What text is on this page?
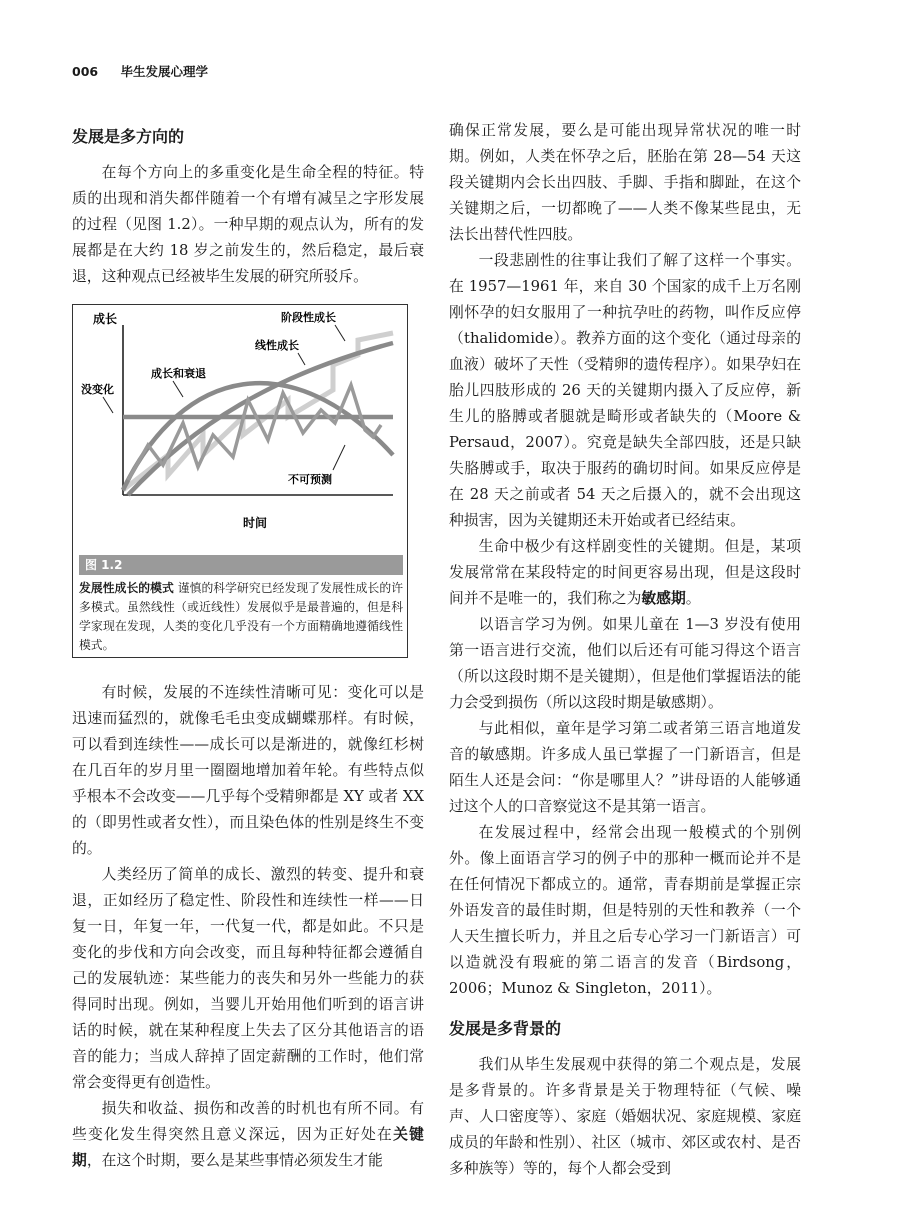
006 毕生发展心理学

发展是多方向的

在每个方向上的多重变化是生命全程的特征。特质的出现和消失都伴随着一个有增有减呈之字形发展的过程（见图 1.2）。一种早期的观点认为，所有的发展都是在大约 18 岁之前发生的，然后稳定，最后衰退，这种观点已经被毕生发展的研究所驳斥。

成长
时间
阶段性成长
线性成长
成长和衰退
没变化
不可预测
图 1.2
发展性成长的模式 谨慎的科学研究已经发现了发展性成长的许多模式。虽然线性（或近线性）发展似乎是最普遍的，但是科学家现在发现，人类的变化几乎没有一个方面精确地遵循线性模式。

有时候，发展的不连续性清晰可见：变化可以是迅速而猛烈的，就像毛毛虫变成蝴蝶那样。有时候，可以看到连续性——成长可以是渐进的，就像红杉树在几百年的岁月里一圈圈地增加着年轮。有些特点似乎根本不会改变——几乎每个受精卵都是 XY 或者 XX 的（即男性或者女性），而且染色体的性别是终生不变的。

人类经历了简单的成长、激烈的转变、提升和衰退，正如经历了稳定性、阶段性和连续性一样——日复一日，年复一年，一代复一代，都是如此。不只是变化的步伐和方向会改变，而且每种特征都会遵循自己的发展轨迹：某些能力的丧失和另外一些能力的获得同时出现。例如，当婴儿开始用他们听到的语言讲话的时候，就在某种程度上失去了区分其他语言的语音的能力；当成人辞掉了固定薪酬的工作时，他们常常会变得更有创造性。

损失和收益、损伤和改善的时机也有所不同。有些变化发生得突然且意义深远，因为正好处在关键期，在这个时期，要么是某些事情必须发生才能

确保正常发展，要么是可能出现异常状况的唯一时期。例如，人类在怀孕之后，胚胎在第 28—54 天这段关键期内会长出四肢、手脚、手指和脚趾，在这个关键期之后，一切都晚了——人类不像某些昆虫，无法长出替代性四肢。

一段悲剧性的往事让我们了解了这样一个事实。在 1957—1961 年，来自 30 个国家的成千上万名刚刚怀孕的妇女服用了一种抗孕吐的药物，叫作反应停（thalidomide）。教养方面的这个变化（通过母亲的血液）破坏了天性（受精卵的遗传程序）。如果孕妇在胎儿四肢形成的 26 天的关键期内摄入了反应停，新生儿的胳膊或者腿就是畸形或者缺失的（Moore & Persaud，2007）。究竟是缺失全部四肢，还是只缺失胳膊或手，取决于服药的确切时间。如果反应停是在 28 天之前或者 54 天之后摄入的，就不会出现这种损害，因为关键期还未开始或者已经结束。

生命中极少有这样剧变性的关键期。但是，某项发展常常在某段特定的时间更容易出现，但是这段时间并不是唯一的，我们称之为敏感期。

以语言学习为例。如果儿童在 1—3 岁没有使用第一语言进行交流，他们以后还有可能习得这个语言（所以这段时期不是关键期），但是他们掌握语法的能力会受到损伤（所以这段时期是敏感期）。

与此相似，童年是学习第二或者第三语言地道发音的敏感期。许多成人虽已掌握了一门新语言，但是陌生人还是会问：“你是哪里人？”讲母语的人能够通过这个人的口音察觉这不是其第一语言。

在发展过程中，经常会出现一般模式的个别例外。像上面语言学习的例子中的那种一概而论并不是在任何情况下都成立的。通常，青春期前是掌握正宗外语发音的最佳时期，但是特别的天性和教养（一个人天生擅长听力，并且之后专心学习一门新语言）可以造就没有瑕疵的第二语言的发音（Birdsong，2006；Munoz & Singleton，2011）。

发展是多背景的

我们从毕生发展观中获得的第二个观点是，发展是多背景的。许多背景是关于物理特征（气候、噪声、人口密度等）、家庭（婚姻状况、家庭规模、家庭成员的年龄和性别）、社区（城市、郊区或农村、是否多种族等）等的，每个人都会受到
